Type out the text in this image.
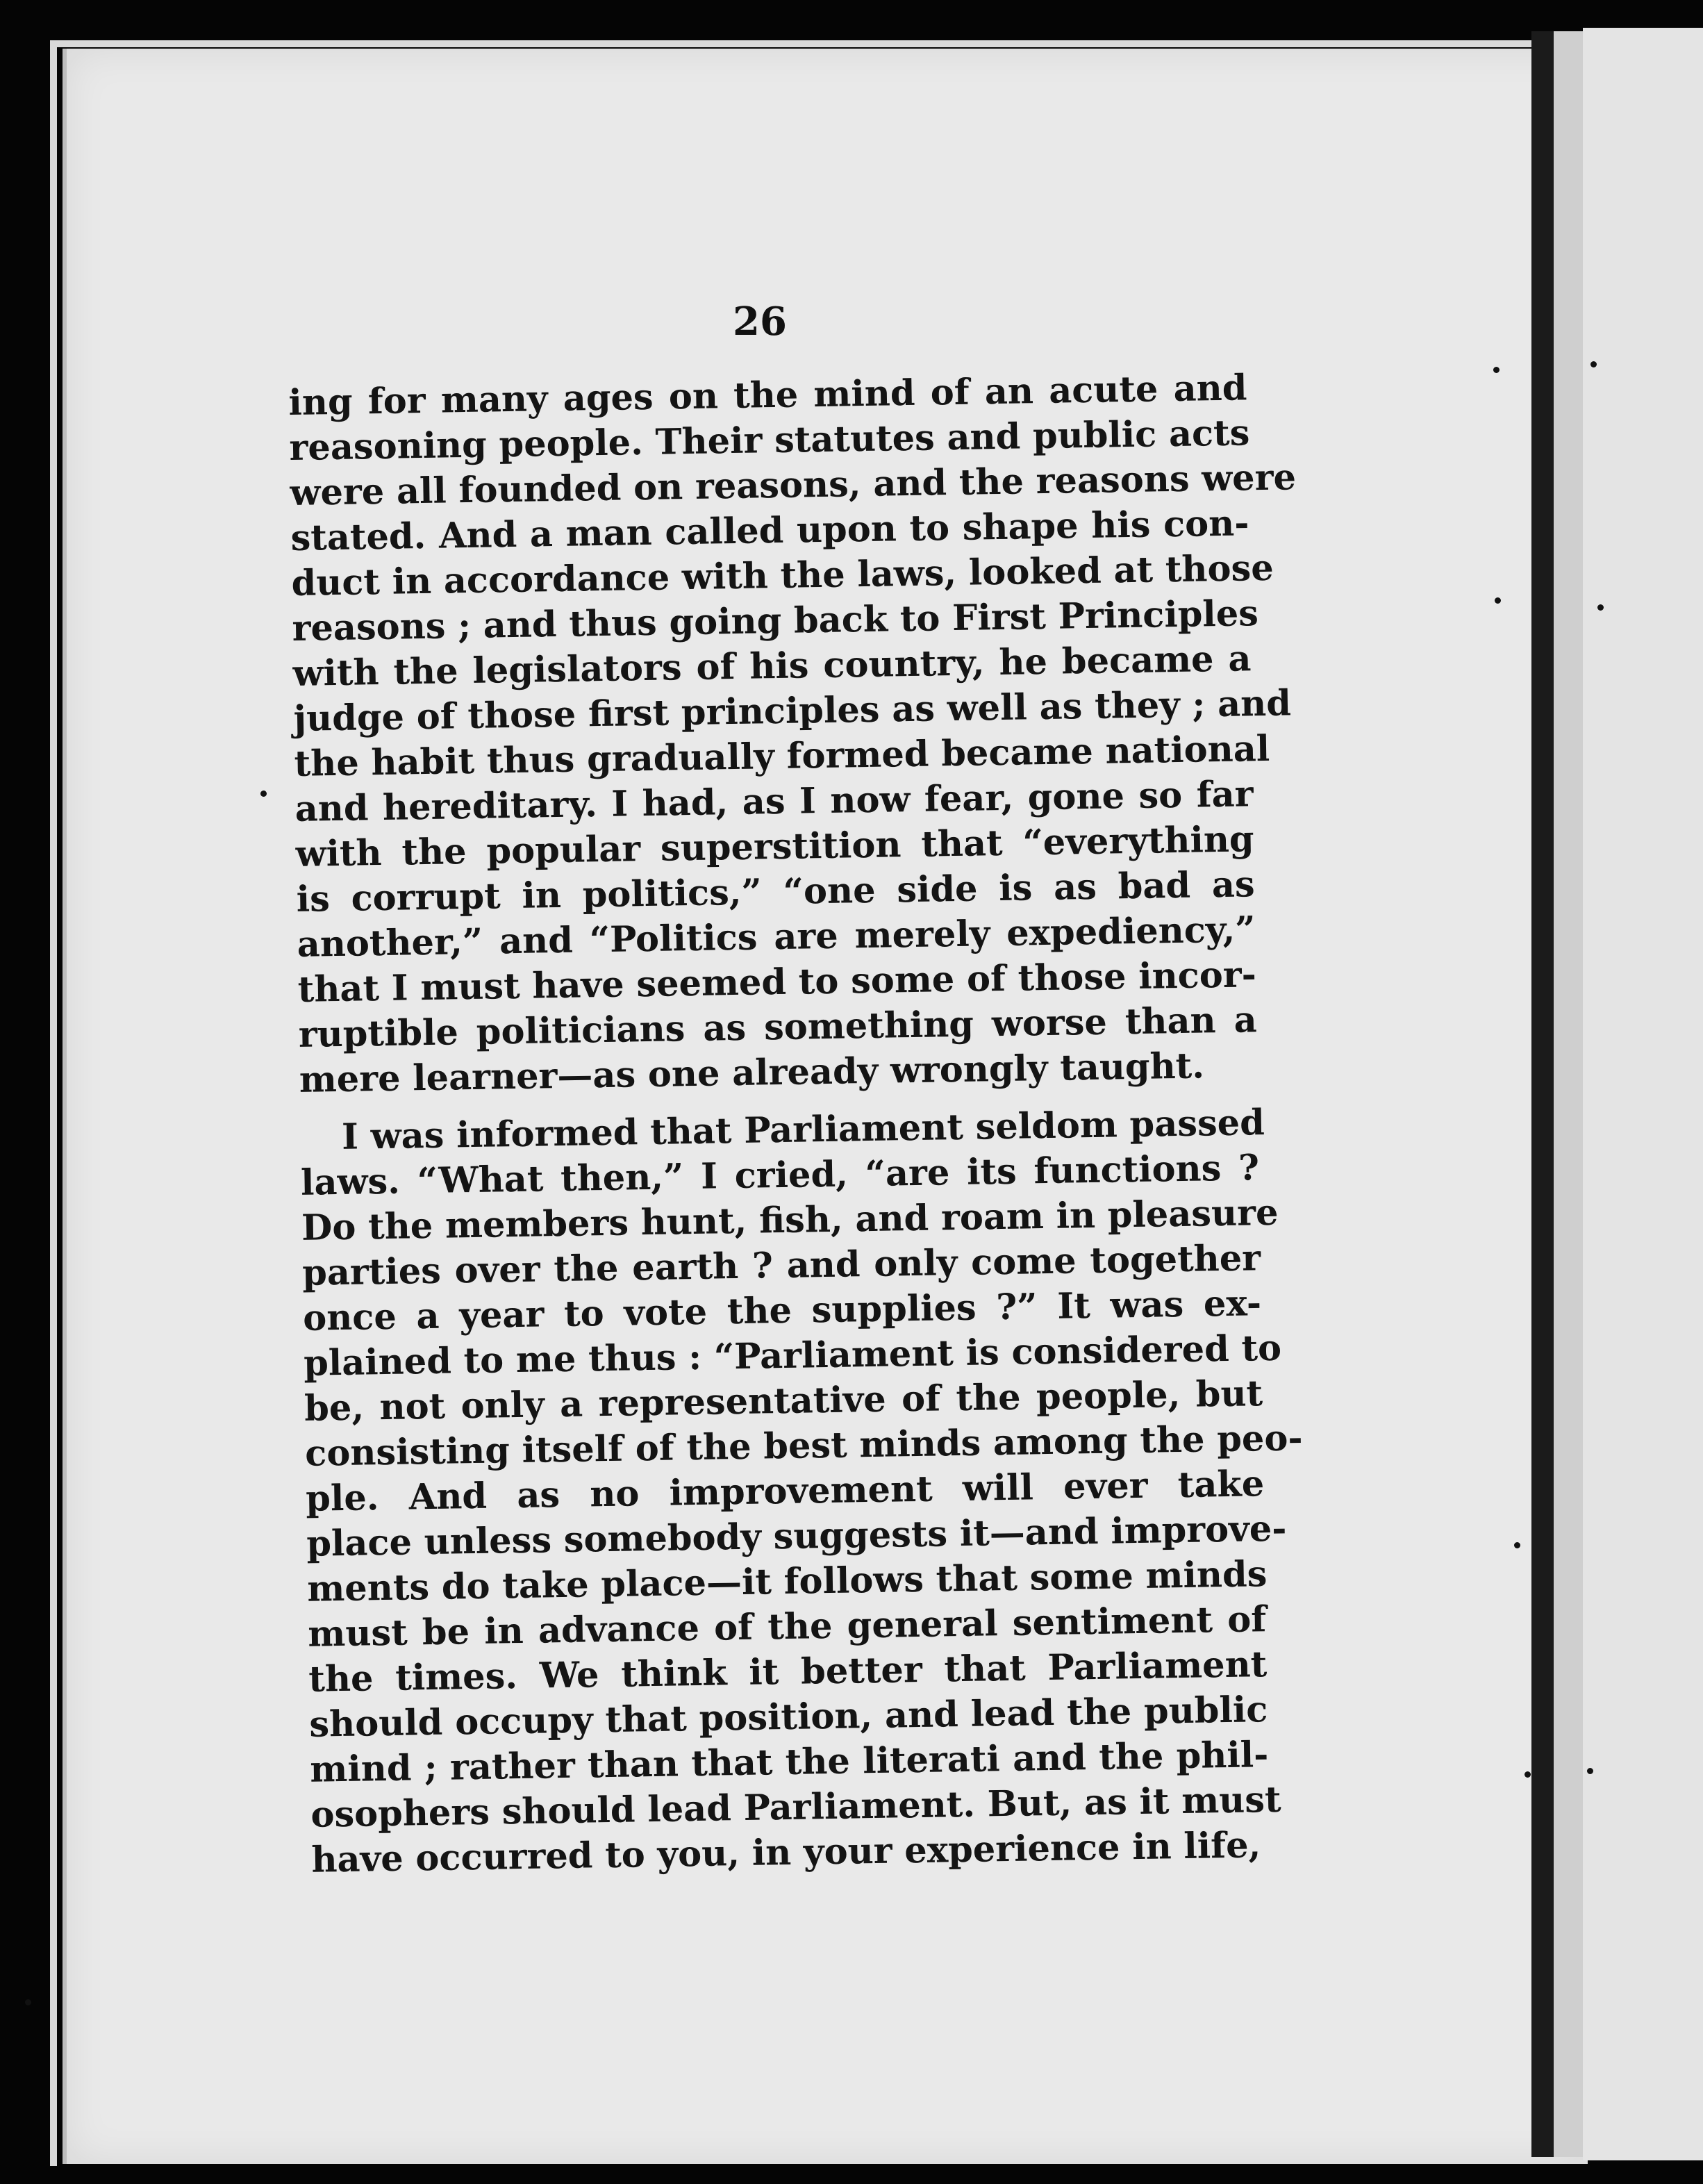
26
ing for many ages on the mind of an acute and
reasoning people. Their statutes and public acts
were all founded on reasons, and the reasons were
stated. And a man called upon to shape his con-
duct in accordance with the laws, looked at those
reasons ; and thus going back to First Principles
with the legislators of his country, he became a
judge of those first principles as well as they ; and
the habit thus gradually formed became national
and hereditary. I had, as I now fear, gone so far
with the popular superstition that “everything
is corrupt in politics,” “one side is as bad as
another,” and “Politics are merely expediency,”
that I must have seemed to some of those incor-
ruptible politicians as something worse than a
mere learner—as one already wrongly taught.
I was informed that Parliament seldom passed
laws. “What then,” I cried, “are its functions ?
Do the members hunt, fish, and roam in pleasure
parties over the earth ? and only come together
once a year to vote the supplies ?” It was ex-
plained to me thus : “Parliament is considered to
be, not only a representative of the people, but
consisting itself of the best minds among the peo-
ple. And as no improvement will ever take
place unless somebody suggests it—and improve-
ments do take place—it follows that some minds
must be in advance of the general sentiment of
the times. We think it better that Parliament
should occupy that position, and lead the public
mind ; rather than that the literati and the phil-
osophers should lead Parliament. But, as it must
have occurred to you, in your experience in life,
